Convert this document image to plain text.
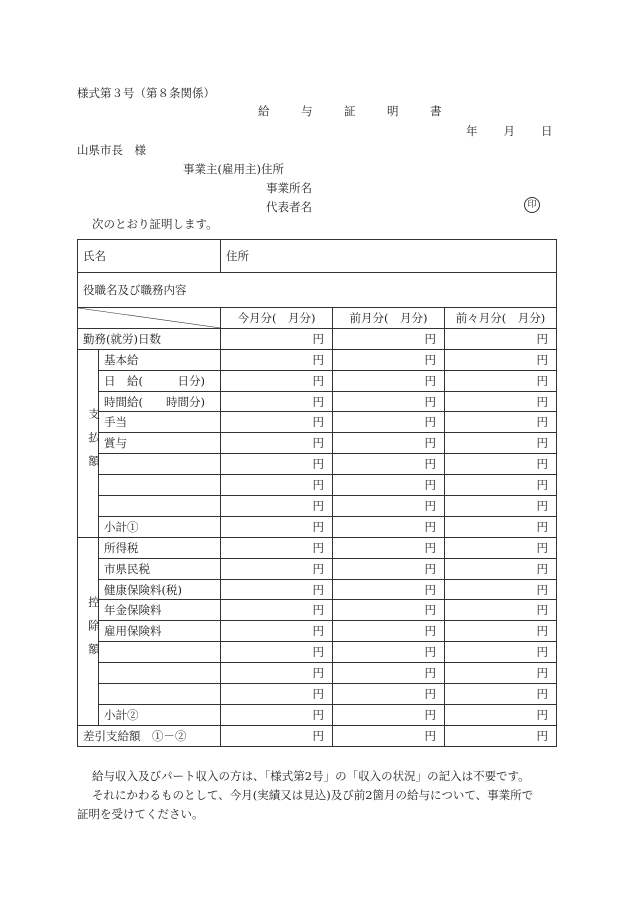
様式第３号（第８条関係）
給　与　証　明　書
年 月 日
山県市長　様
事業主(雇用主)住所
事業所名
代表者名	印
次のとおり証明します。
氏名		住所		
役職名及び職務内容				

	今月分(　月分)	前月分(　月分)	前々月分(　月分)
勤務(就労)日数		円	円	円

支払額	基本給	円	円	円
	日　給(　　　日分)	円	円	円
	時間給(　　時間分)	円	円	円
	手当	円	円	円
	賞与	円	円	円
		円	円	円
		円	円	円
		円	円	円
	小計①	円	円	円

控除額	所得税	円	円	円
	市県民税	円	円	円
	健康保険料(税)	円	円	円
	年金保険料	円	円	円
	雇用保険料	円	円	円
		円	円	円
		円	円	円
		円	円	円
	小計②	円	円	円
差引支給額　①－②		円	円	円
給与収入及びパート収入の方は、「様式第2号」の「収入の状況」の記入は不要です。
それにかわるものとして、今月(実績又は見込)及び前2箇月の給与について、事業所で
証明を受けてください。
